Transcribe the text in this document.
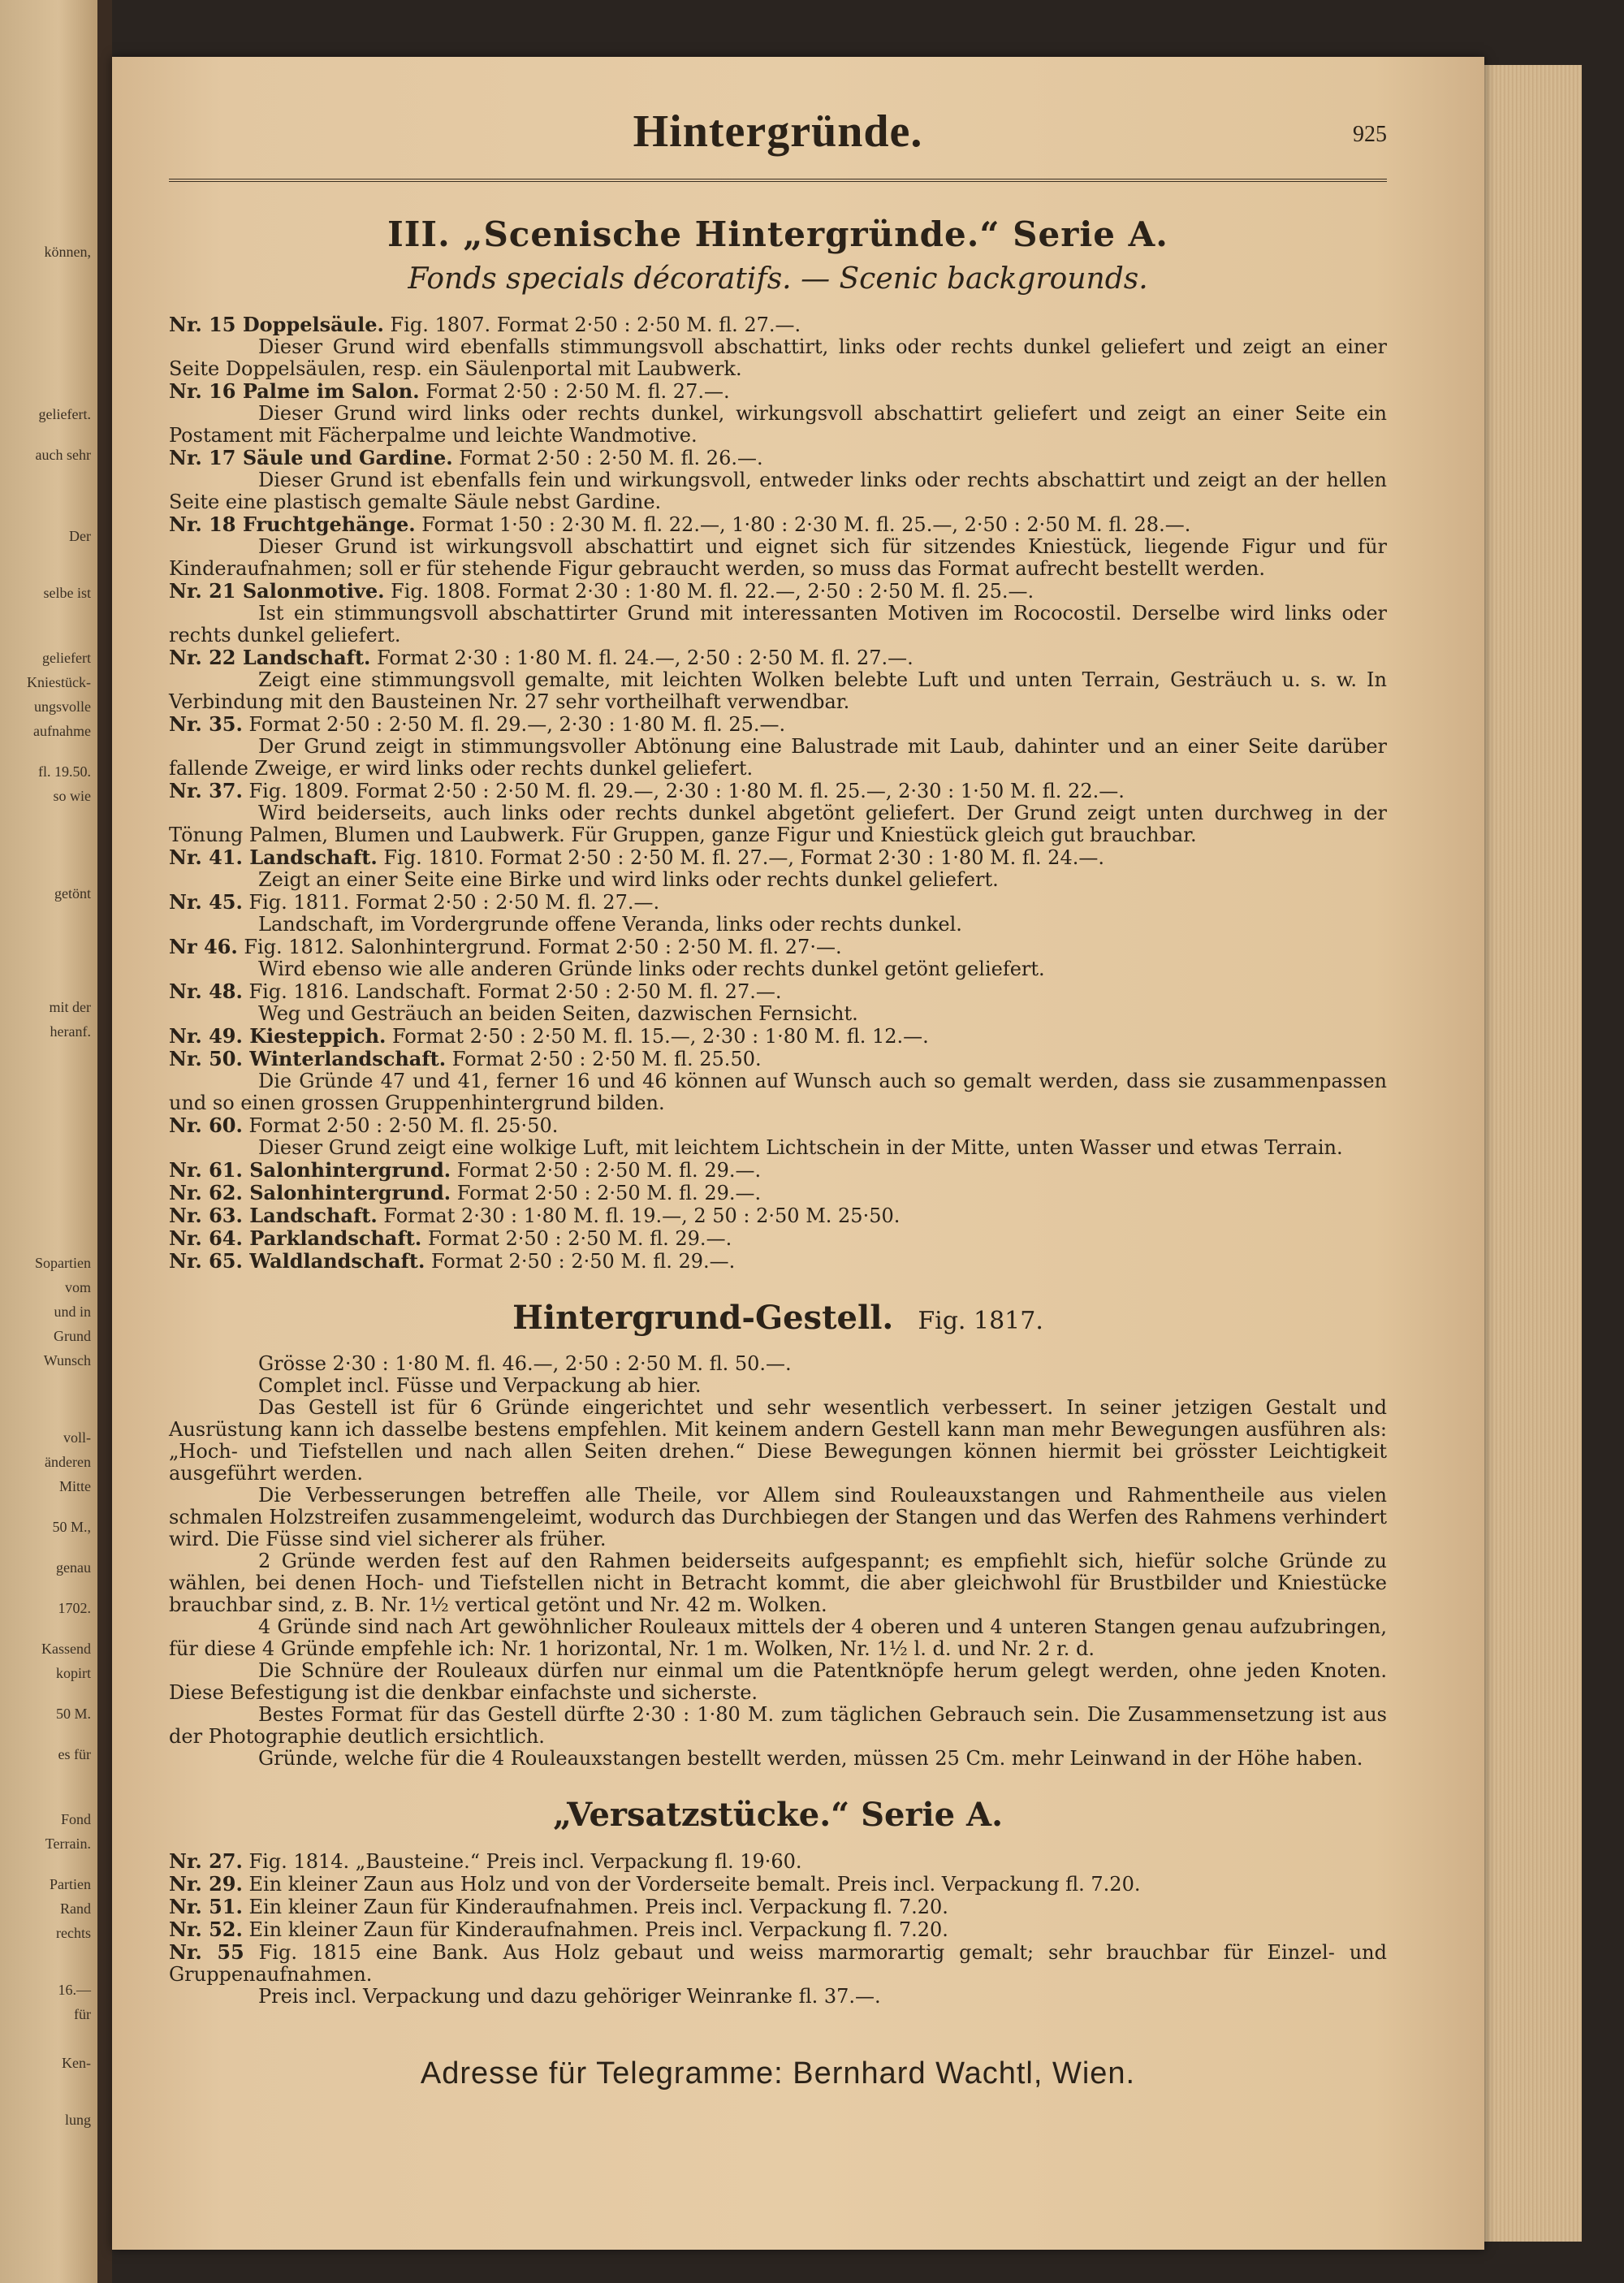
können,
geliefert.
auch sehr
Der
selbe ist
geliefert
Kniestück-
ungsvolle
aufnahme
fl. 19.50.
so wie
getönt
mit der
heranf.
Sopartien
vom
und in
Grund
Wunsch
voll-
änderen
Mitte
50 M.,
genau
1702.
Kassend
kopirt
50 M.
es für
Fond
Terrain.
Partien
Rand
rechts
16.—
für
Ken-
lung
Hintergründe.	925
III. „Scenische Hintergründe.“ Serie A.
Fonds specials décoratifs. — Scenic backgrounds.

Nr. 15 Doppelsäule. Fig. 1807. Format 2·50 : 2·50 M. fl. 27.—.

Dieser Grund wird ebenfalls stimmungsvoll abschattirt, links oder rechts dunkel geliefert und zeigt an einer Seite Doppelsäulen, resp. ein Säulenportal mit Laubwerk.

Nr. 16 Palme im Salon. Format 2·50 : 2·50 M. fl. 27.—.

Dieser Grund wird links oder rechts dunkel, wirkungsvoll abschattirt geliefert und zeigt an einer Seite ein Postament mit Fächerpalme und leichte Wandmotive.

Nr. 17 Säule und Gardine. Format 2·50 : 2·50 M. fl. 26.—.

Dieser Grund ist ebenfalls fein und wirkungsvoll, entweder links oder rechts abschattirt und zeigt an der hellen Seite eine plastisch gemalte Säule nebst Gardine.

Nr. 18 Fruchtgehänge. Format 1·50 : 2·30 M. fl. 22.—, 1·80 : 2·30 M. fl. 25.—, 2·50 : 2·50 M. fl. 28.—.

Dieser Grund ist wirkungsvoll abschattirt und eignet sich für sitzendes Kniestück, liegende Figur und für Kinderaufnahmen; soll er für stehende Figur gebraucht werden, so muss das Format aufrecht bestellt werden.

Nr. 21 Salonmotive. Fig. 1808. Format 2·30 : 1·80 M. fl. 22.—, 2·50 : 2·50 M. fl. 25.—.

Ist ein stimmungsvoll abschattirter Grund mit interessanten Motiven im Rococostil. Derselbe wird links oder rechts dunkel geliefert.

Nr. 22 Landschaft. Format 2·30 : 1·80 M. fl. 24.—, 2·50 : 2·50 M. fl. 27.—.

Zeigt eine stimmungsvoll gemalte, mit leichten Wolken belebte Luft und unten Terrain, Gesträuch u. s. w. In Verbindung mit den Bausteinen Nr. 27 sehr vortheilhaft verwendbar.

Nr. 35. Format 2·50 : 2·50 M. fl. 29.—, 2·30 : 1·80 M. fl. 25.—.

Der Grund zeigt in stimmungsvoller Abtönung eine Balustrade mit Laub, dahinter und an einer Seite darüber fallende Zweige, er wird links oder rechts dunkel geliefert.

Nr. 37. Fig. 1809. Format 2·50 : 2·50 M. fl. 29.—, 2·30 : 1·80 M. fl. 25.—, 2·30 : 1·50 M. fl. 22.—.

Wird beiderseits, auch links oder rechts dunkel abgetönt geliefert. Der Grund zeigt unten durchweg in der Tönung Palmen, Blumen und Laubwerk. Für Gruppen, ganze Figur und Kniestück gleich gut brauchbar.

Nr. 41. Landschaft. Fig. 1810. Format 2·50 : 2·50 M. fl. 27.—, Format 2·30 : 1·80 M. fl. 24.—.

Zeigt an einer Seite eine Birke und wird links oder rechts dunkel geliefert.

Nr. 45. Fig. 1811. Format 2·50 : 2·50 M. fl. 27.—.

Landschaft, im Vordergrunde offene Veranda, links oder rechts dunkel.

Nr 46. Fig. 1812. Salonhintergrund. Format 2·50 : 2·50 M. fl. 27·—.

Wird ebenso wie alle anderen Gründe links oder rechts dunkel getönt geliefert.

Nr. 48. Fig. 1816. Landschaft. Format 2·50 : 2·50 M. fl. 27.—.

Weg und Gesträuch an beiden Seiten, dazwischen Fernsicht.

Nr. 49. Kiesteppich. Format 2·50 : 2·50 M. fl. 15.—, 2·30 : 1·80 M. fl. 12.—.

Nr. 50. Winterlandschaft. Format 2·50 : 2·50 M. fl. 25.50.

Die Gründe 47 und 41, ferner 16 und 46 können auf Wunsch auch so gemalt werden, dass sie zusammenpassen und so einen grossen Gruppenhintergrund bilden.

Nr. 60. Format 2·50 : 2·50 M. fl. 25·50.

Dieser Grund zeigt eine wolkige Luft, mit leichtem Lichtschein in der Mitte, unten Wasser und etwas Terrain.

Nr. 61. Salonhintergrund. Format 2·50 : 2·50 M. fl. 29.—.

Nr. 62. Salonhintergrund. Format 2·50 : 2·50 M. fl. 29.—.

Nr. 63. Landschaft. Format 2·30 : 1·80 M. fl. 19.—, 2 50 : 2·50 M. 25·50.

Nr. 64. Parklandschaft. Format 2·50 : 2·50 M. fl. 29.—.

Nr. 65. Waldlandschaft. Format 2·50 : 2·50 M. fl. 29.—.

Hintergrund-Gestell. Fig. 1817.

Grösse 2·30 : 1·80 M. fl. 46.—, 2·50 : 2·50 M. fl. 50.—.

Complet incl. Füsse und Verpackung ab hier.

Das Gestell ist für 6 Gründe eingerichtet und sehr wesentlich verbessert. In seiner jetzigen Gestalt und Ausrüstung kann ich dasselbe bestens empfehlen. Mit keinem andern Gestell kann man mehr Bewegungen ausführen als: „Hoch- und Tiefstellen und nach allen Seiten drehen.“ Diese Bewegungen können hiermit bei grösster Leichtigkeit ausgeführt werden.

Die Verbesserungen betreffen alle Theile, vor Allem sind Rouleauxstangen und Rahmentheile aus vielen schmalen Holzstreifen zusammengeleimt, wodurch das Durchbiegen der Stangen und das Werfen des Rahmens verhindert wird. Die Füsse sind viel sicherer als früher.

2 Gründe werden fest auf den Rahmen beiderseits aufgespannt; es empfiehlt sich, hiefür solche Gründe zu wählen, bei denen Hoch- und Tiefstellen nicht in Betracht kommt, die aber gleichwohl für Brustbilder und Kniestücke brauchbar sind, z. B. Nr. 1½ vertical getönt und Nr. 42 m. Wolken.

4 Gründe sind nach Art gewöhnlicher Rouleaux mittels der 4 oberen und 4 unteren Stangen genau aufzubringen, für diese 4 Gründe empfehle ich: Nr. 1 horizontal, Nr. 1 m. Wolken, Nr. 1½ l. d. und Nr. 2 r. d.

Die Schnüre der Rouleaux dürfen nur einmal um die Patentknöpfe herum gelegt werden, ohne jeden Knoten. Diese Befestigung ist die denkbar einfachste und sicherste.

Bestes Format für das Gestell dürfte 2·30 : 1·80 M. zum täglichen Gebrauch sein. Die Zusammensetzung ist aus der Photographie deutlich ersichtlich.

Gründe, welche für die 4 Rouleauxstangen bestellt werden, müssen 25 Cm. mehr Leinwand in der Höhe haben.

„Versatzstücke.“ Serie A.

Nr. 27. Fig. 1814. „Bausteine.“ Preis incl. Verpackung fl. 19·60.

Nr. 29. Ein kleiner Zaun aus Holz und von der Vorderseite bemalt. Preis incl. Verpackung fl. 7.20.

Nr. 51. Ein kleiner Zaun für Kinderaufnahmen. Preis incl. Verpackung fl. 7.20.

Nr. 52. Ein kleiner Zaun für Kinderaufnahmen. Preis incl. Verpackung fl. 7.20.

Nr. 55 Fig. 1815 eine Bank. Aus Holz gebaut und weiss marmorartig gemalt; sehr brauchbar für Einzel- und Gruppenaufnahmen.

Preis incl. Verpackung und dazu gehöriger Weinranke fl. 37.—.

Adresse für Telegramme: Bernhard Wachtl, Wien.
